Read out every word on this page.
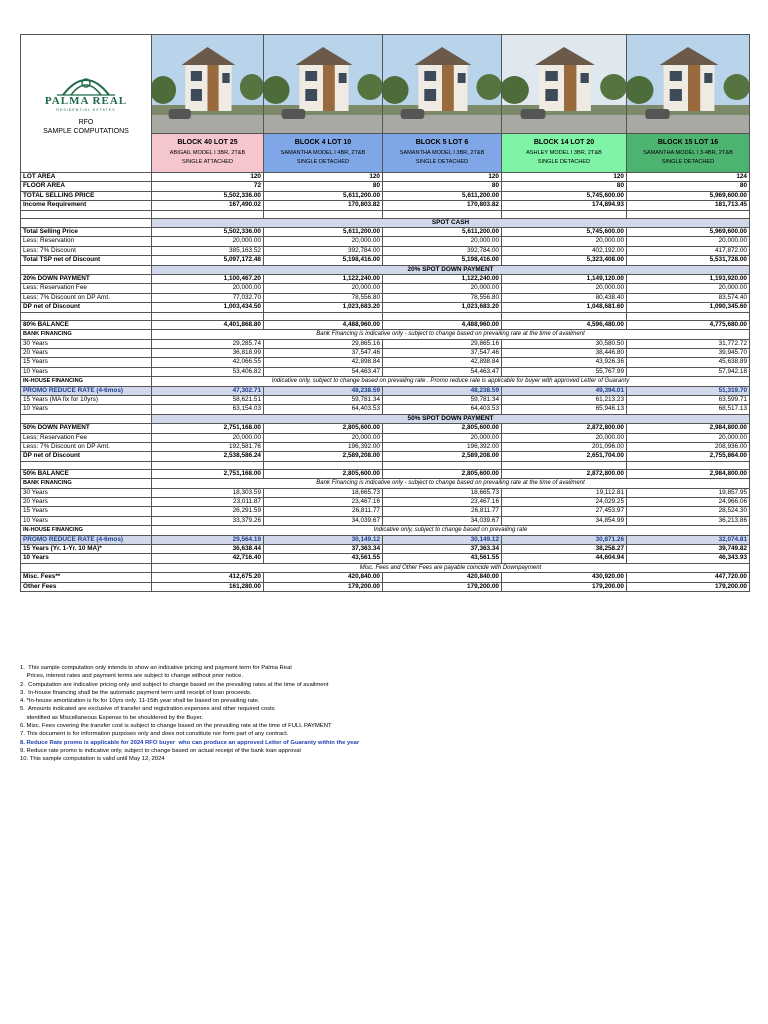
PALMA REAL
RESIDENTIAL ESTATES
RFO
SAMPLE COMPUTATIONS

	BLOCK 40 LOT 25
ABIGAIL MODEL I 3BR, 2T&B
SINGLE ATTACHED	BLOCK 4 LOT 10
SAMANTHA MODEL I 4BR, 2T&B
SINGLE DETACHED	BLOCK 5 LOT 6
SAMANTHA MODEL I 3BR, 2T&B
SINGLE DETACHED	BLOCK 14 LOT 20
ASHLEY MODEL I 3BR, 2T&B
SINGLE DETACHED	BLOCK 15 LOT 16
SAMANTHA MODEL I 3-4BR, 2T&B
SINGLE DETACHED

LOT AREA	120	120	120	120	124
FLOOR AREA	72	80	80	80	80
TOTAL SELLING PRICE	5,502,336.00	5,611,200.00	5,611,200.00	5,745,600.00	5,969,600.00
Income Requirement	167,490.02	170,803.82	170,803.82	174,894.93	181,713.45

	SPOT CASH				
Total Selling Price	5,502,336.00	5,611,200.00	5,611,200.00	5,745,600.00	5,969,600.00
Less: Reservation	20,000.00	20,000.00	20,000.00	20,000.00	20,000.00
Less: 7% Discount	385,163.52	392,784.00	392,784.00	402,192.00	417,872.00
Total TSP net of Discount	5,097,172.48	5,198,416.00	5,198,416.00	5,323,408.00	5,531,728.00
	20% SPOT DOWN PAYMENT				
20% DOWN PAYMENT	1,100,467.20	1,122,240.00	1,122,240.00	1,149,120.00	1,193,920.00
Less: Reservation Fee	20,000.00	20,000.00	20,000.00	20,000.00	20,000.00
Less: 7% Discount on DP Amt.	77,032.70	78,556.80	78,556.80	80,438.40	83,574.40
DP net of Discount	1,003,434.50	1,023,683.20	1,023,683.20	1,048,681.60	1,090,345.60

80% BALANCE	4,401,868.80	4,488,960.00	4,488,960.00	4,596,480.00	4,775,680.00
BANK FINANCING	Bank Financing is indicative only - subject to change based on prevailing rate at the time of availment				
30 Years	29,285.74	29,865.16	29,865.16	30,580.50	31,772.72
20 Years	36,818.99	37,547.46	37,547.46	38,446.80	39,945.70
15 Years	42,066.55	42,898.84	42,898.84	43,926.36	45,638.89
10 Years	53,406.82	54,463.47	54,463.47	55,767.99	57,942.18
IN-HOUSE FINANCING	Indicative only, subject to change based on prevailing rate . Promo reduce rate is applicable for buyer with approved Letter of Guaranty				
PROMO REDUCE RATE (4-6mos)	47,302.71	48,238.59	48,238.59	49,394.01	51,319.70
15 Years (MA fix for 10yrs)	58,621.51	59,781.34	59,781.34	61,213.23	63,599.71
10 Years	63,154.03	64,403.53	64,403.53	65,946.13	68,517.13
	50% SPOT DOWN PAYMENT				
50% DOWN PAYMENT	2,751,168.00	2,805,600.00	2,805,600.00	2,872,800.00	2,984,800.00
Less: Reservation Fee	20,000.00	20,000.00	20,000.00	20,000.00	20,000.00
Less: 7% Discount on DP Amt.	192,581.76	196,392.00	196,392.00	201,096.00	208,936.00
DP net of Discount	2,538,586.24	2,589,208.00	2,589,208.00	2,651,704.00	2,755,864.00

50% BALANCE	2,751,168.00	2,805,600.00	2,805,600.00	2,872,800.00	2,984,800.00
BANK FINANCING	Bank Financing is indicative only - subject to change based on prevailing rate at the time of availment				
30 Years	18,303.59	18,665.73	18,665.73	19,112.81	19,857.95
20 Years	23,011.87	23,467.16	23,467.16	24,029.25	24,966.06
15 Years	26,291.59	26,811.77	26,811.77	27,453.97	28,524.30
10 Years	33,379.26	34,039.67	34,039.67	34,854.99	36,213.86
IN-HOUSE FINANCING	Indicative only, subject to change based on prevailing rate				
PROMO REDUCE RATE (4-6mos)	29,564.19	30,149.12	30,149.12	30,871.26	32,074.81
15 Years (Yr. 1-Yr. 10 MA)*	36,638.44	37,363.34	37,363.34	38,258.27	39,749.82
10 Years	42,716.40	43,561.55	43,561.55	44,604.94	46,343.93
	Misc. Fees and Other Fees are payable coincide with Downpayment				
Misc. Fees**	412,675.20	420,840.00	420,840.00	430,920.00	447,720.00
Other Fees	161,280.00	179,200.00	179,200.00	179,200.00	179,200.00
1.  This sample computation only intends to show an indicative pricing and payment term for Palma Real
Prices, interest rates and payment terms are subject to change without prior notice.
2.  Computation are indicative pricing only and subject to change based on the prevailing rates at the time of availment
3.  In-house financing shall be the automatic payment term until receipt of loan proceeds.
4. *In-house amortization is fix for 10yrs only. 11-15th year shall be based on prevailing rate.
5.  Amounts indicated are exclusive of transfer and registration expenses and other required costs
identified as Miscellaneous Expense to be shouldered by the Buyer.
6. Misc. Fees covering the transfer cost is subject to change based on the prevailing rate at the time of FULL PAYMENT
7. This document is for information purposes only and does not constitute nor form part of any contract.
8. Reduce Rate promo is applicable for 2024 RFO buyer  who can produce an approved Letter of Guaranty within the year
9. Reduce rate promo is indicative only, subject to change based on actual receipt of the bank loan approval
10. This sample computation is valid until May 12, 2024
